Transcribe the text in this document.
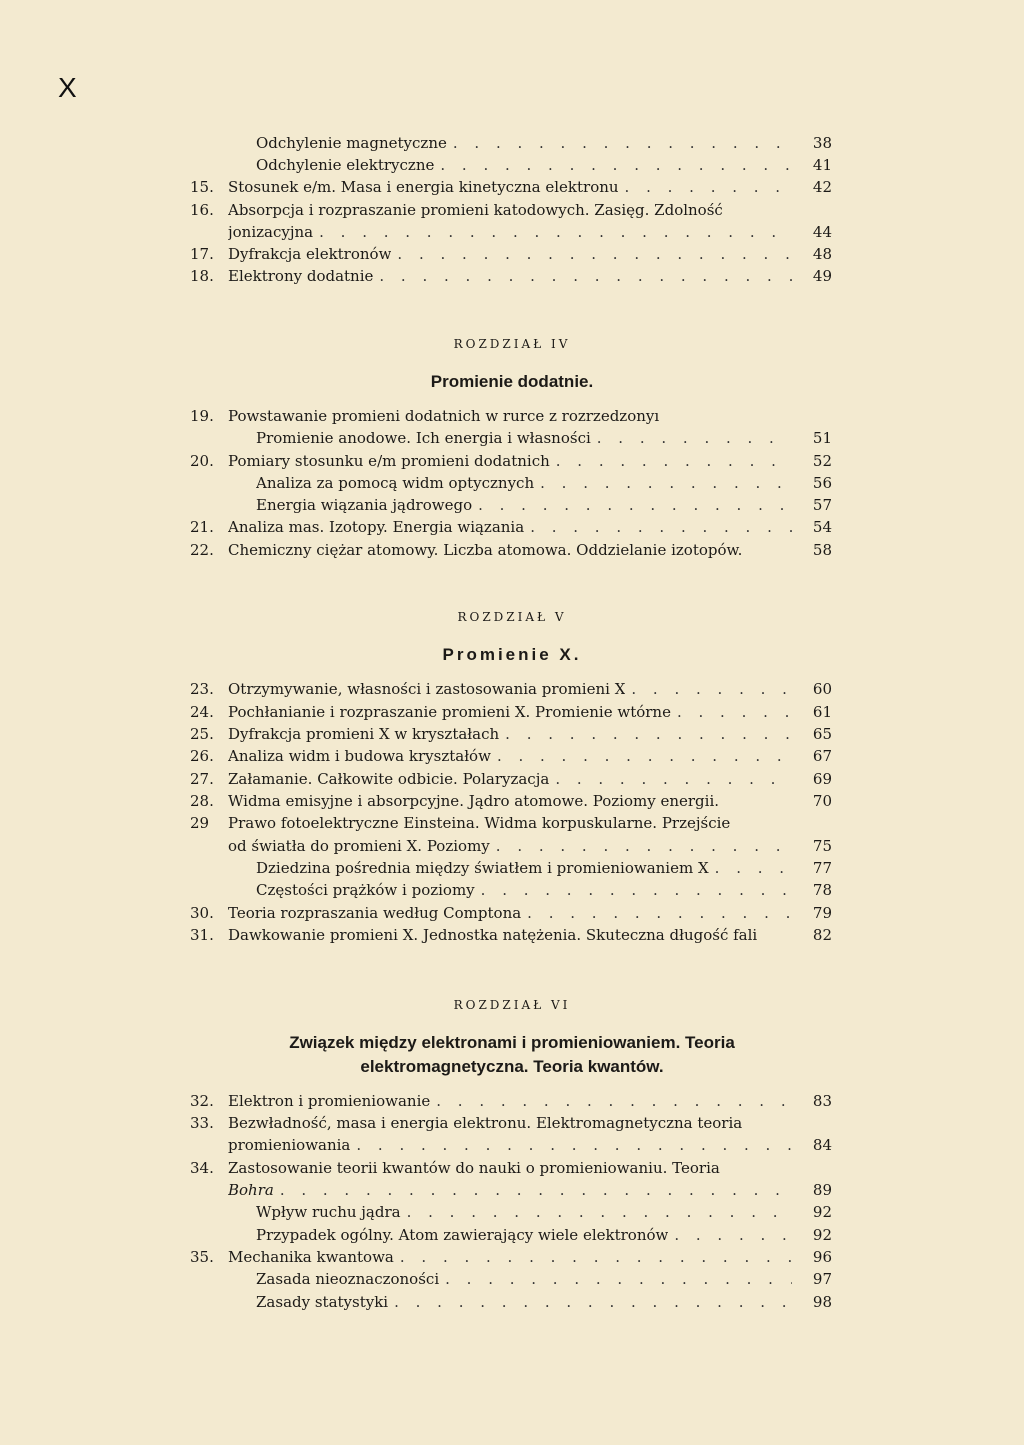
X
Odchylenie magnetyczne . . .	38
Odchylenie elektryczne . . .	41
15. Stosunek e/m. Masa i energia kinetyczna elektronu . . .	42
16. Absorpcja i rozpraszanie promieni katodowych. Zasięg. Zdolność
jonizacyjna . . .	44
17. Dyfrakcja elektronów . . .	48
18. Elektrony dodatnie . . .	49
ROZDZIAŁ IV
Promienie dodatnie.
19. Powstawanie promieni dodatnich w rurce z rozrzedzonyı
Promienie anodowe. Ich energia i własności . . .	51
20. Pomiary stosunku e/m promieni dodatnich . . .	52
Analiza za pomocą widm optycznych . . .	56
Energia wiązania jądrowego . . .	57
21. Analiza mas. Izotopy. Energia wiązania . . .	54
22. Chemiczny ciężar atomowy. Liczba atomowa. Oddzielanie izotopów.	58
ROZDZIAŁ V
Promienie X.
23. Otrzymywanie, własności i zastosowania promieni X . . .	60
24. Pochłanianie i rozpraszanie promieni X. Promienie wtórne . . .	61
25. Dyfrakcja promieni X w kryształach . . .	65
26. Analiza widm i budowa kryształów . . .	67
27. Załamanie. Całkowite odbicie. Polaryzacja . . .	69
28. Widma emisyjne i absorpcyjne. Jądro atomowe. Poziomy energii.	70
29	Prawo fotoelektryczne Einsteina. Widma korpuskularne. Przejście
od światła do promieni X. Poziomy . . .	75
Dziedzina pośrednia między światłem i promieniowaniem X . . .	77
Częstości prążków i poziomy . . .	78
30. Teoria rozpraszania według Comptona . . .	79
31. Dawkowanie promieni X. Jednostka natężenia. Skuteczna długość fali	82
ROZDZIAŁ VI
Związek między elektronami i promieniowaniem. Teoria
elektromagnetyczna. Teoria kwantów.
32. Elektron i promieniowanie . . .	83
33. Bezwładność, masa i energia elektronu. Elektromagnetyczna teoria
promieniowania . . .	84
34. Zastosowanie teorii kwantów do nauki o promieniowaniu. Teoria
Bohra . . .	89
Wpływ ruchu jądra . . .	92
Przypadek ogólny. Atom zawierający wiele elektronów . . .	92
35. Mechanika kwantowa . . .	96
Zasada nieoznaczoności . . .	97
Zasady statystyki . . .	98
